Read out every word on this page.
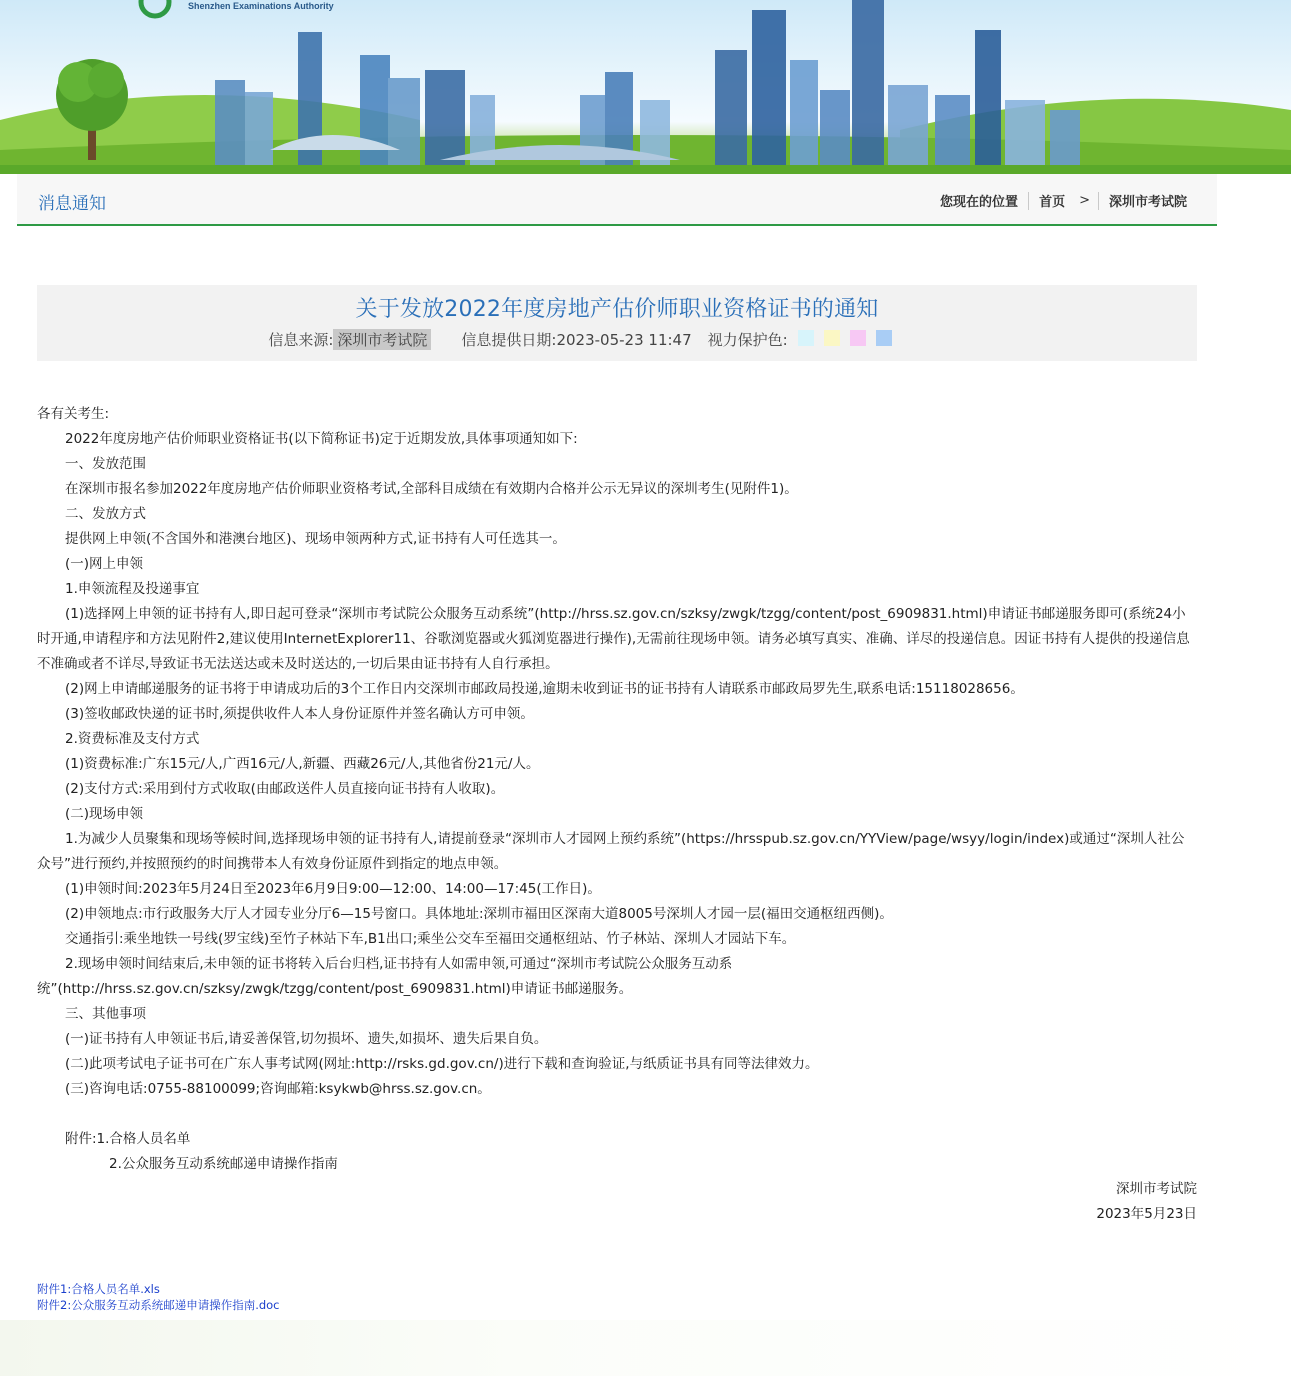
Shenzhen Examinations Authority
消息通知	您现在的位置 首页 > 深圳市考试院
关于发放2022年度房地产估价师职业资格证书的通知
信息来源: 深圳市考试院 信息提供日期: 2023-05-23 11:47 视力保护色:

各有关考生:

2022年度房地产估价师职业资格证书(以下简称证书)定于近期发放,具体事项通知如下:

一、发放范围

在深圳市报名参加2022年度房地产估价师职业资格考试,全部科目成绩在有效期内合格并公示无异议的深圳考生(见附件1)。

二、发放方式

提供网上申领(不含国外和港澳台地区)、现场申领两种方式,证书持有人可任选其一。

(一)网上申领

1.申领流程及投递事宜

(1)选择网上申领的证书持有人,即日起可登录“深圳市考试院公众服务互动系统”(http://hrss.sz.gov.cn/szksy/zwgk/tzgg/content/post_6909831.html)申请证书邮递服务即可(系统24小时开通,申请程序和方法见附件2,建议使用InternetExplorer11、谷歌浏览器或火狐浏览器进行操作),无需前往现场申领。请务必填写真实、准确、详尽的投递信息。因证书持有人提供的投递信息不准确或者不详尽,导致证书无法送达或未及时送达的,一切后果由证书持有人自行承担。

(2)网上申请邮递服务的证书将于申请成功后的3个工作日内交深圳市邮政局投递,逾期未收到证书的证书持有人请联系市邮政局罗先生,联系电话:15118028656。

(3)签收邮政快递的证书时,须提供收件人本人身份证原件并签名确认方可申领。

2.资费标准及支付方式

(1)资费标准:广东15元/人,广西16元/人,新疆、西藏26元/人,其他省份21元/人。

(2)支付方式:采用到付方式收取(由邮政送件人员直接向证书持有人收取)。

(二)现场申领

1.为减少人员聚集和现场等候时间,选择现场申领的证书持有人,请提前登录“深圳市人才园网上预约系统”(https://hrsspub.sz.gov.cn/YYView/page/wsyy/login/index)或通过“深圳人社公众号”进行预约,并按照预约的时间携带本人有效身份证原件到指定的地点申领。

(1)申领时间:2023年5月24日至2023年6月9日9:00—12:00、14:00—17:45(工作日)。

(2)申领地点:市行政服务大厅人才园专业分厅6—15号窗口。具体地址:深圳市福田区深南大道8005号深圳人才园一层(福田交通枢纽西侧)。

交通指引:乘坐地铁一号线(罗宝线)至竹子林站下车,B1出口;乘坐公交车至福田交通枢纽站、竹子林站、深圳人才园站下车。

2.现场申领时间结束后,未申领的证书将转入后台归档,证书持有人如需申领,可通过“深圳市考试院公众服务互动系统”(http://hrss.sz.gov.cn/szksy/zwgk/tzgg/content/post_6909831.html)申请证书邮递服务。

三、其他事项

(一)证书持有人申领证书后,请妥善保管,切勿损坏、遗失,如损坏、遗失后果自负。

(二)此项考试电子证书可在广东人事考试网(网址:http://rsks.gd.gov.cn/)进行下载和查询验证,与纸质证书具有同等法律效力。

(三)咨询电话:0755-88100099;咨询邮箱:ksykwb@hrss.sz.gov.cn。

附件:1.合格人员名单

2.公众服务互动系统邮递申请操作指南

深圳市考试院

2023年5月23日

附件1:合格人员名单.xls
附件2:公众服务互动系统邮递申请操作指南.doc
